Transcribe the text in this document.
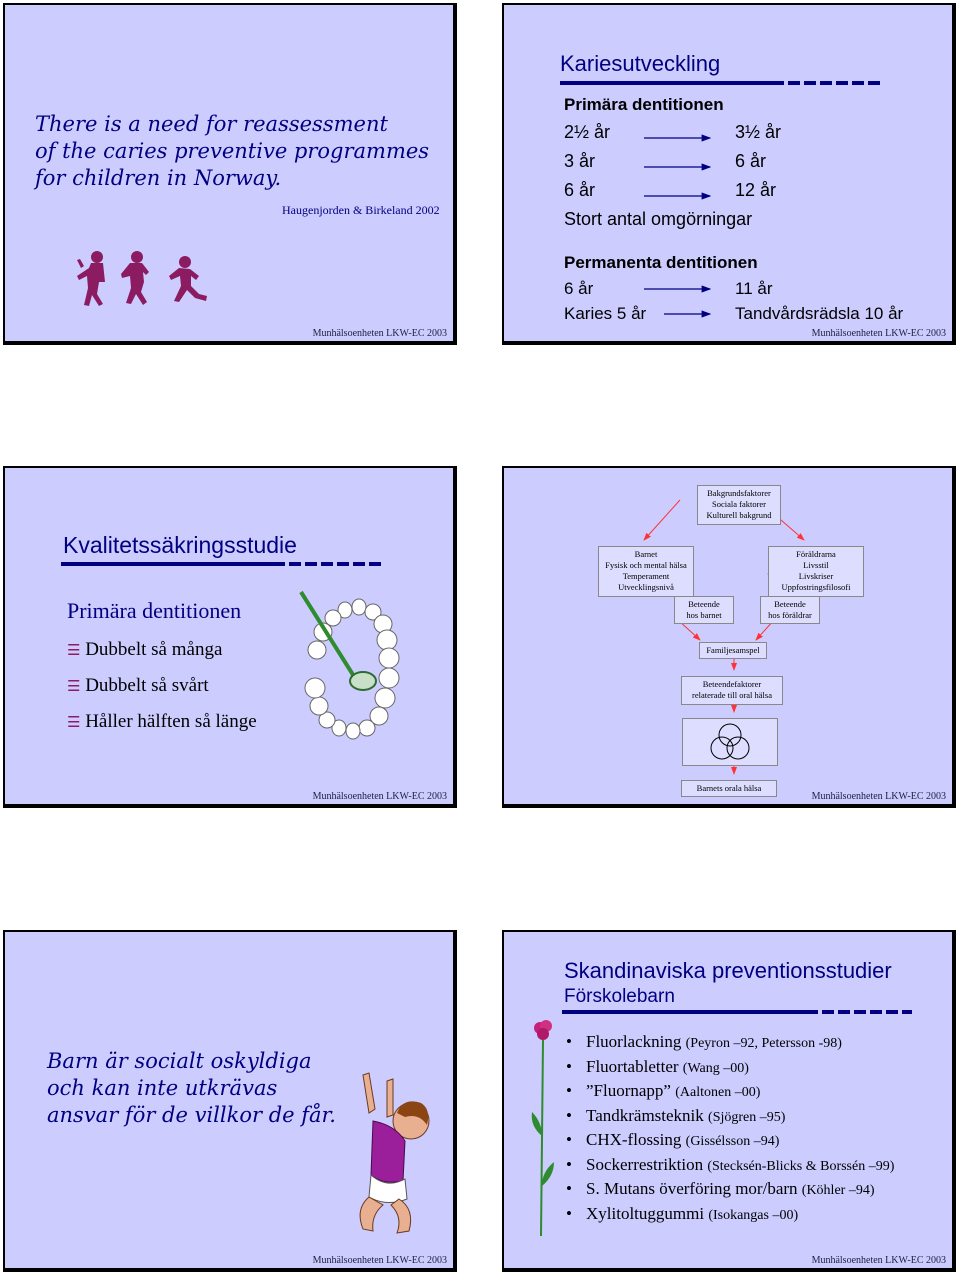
There is a need for reassessment
of the caries preventive programmes
for children in Norway.
Haugenjorden & Birkeland 2002
Munhälsoenheten LKW-EC 2003
Kariesutveckling
Primära dentitionen
2½ år	3½ år
3 år	6 år
6 år	12 år
Stort antal omgörningar
Permanenta dentitionen
6 år	11 år
Karies 5 år	Tandvårdsrädsla 10 år
Munhälsoenheten LKW-EC 2003
Kvalitetssäkringsstudie
Primära dentitionen
☰ Dubbelt så många
☰ Dubbelt så svårt
☰ Håller hälften så länge
Munhälsoenheten LKW-EC 2003
Bakgrundsfaktorer
Sociala faktorer
Kulturell bakgrund
Barnet
Fysisk och mental hälsa
Temperament
Utvecklingsnivå
Föräldrarna
Livsstil
Livskriser
Uppfostringsfilosofi
Beteende
hos barnet
Beteende
hos föräldrar
Familjesamspel
Beteendefaktorer
relaterade till oral hälsa
Barnets orala hälsa
Munhälsoenheten LKW-EC 2003
Barn är socialt oskyldiga
och kan inte utkrävas
ansvar för de villkor de får.
Munhälsoenheten LKW-EC 2003
Skandinaviska preventionsstudier
Förskolebarn
• Fluorlackning (Peyron –92, Petersson -98)
• Fluortabletter (Wang –00)
• ”Fluornapp” (Aaltonen –00)
• Tandkrämsteknik (Sjögren –95)
• CHX-flossing (Gissélsson –94)
• Sockerrestriktion (Stecksén-Blicks & Borssén –99)
• S. Mutans överföring mor/barn (Köhler –94)
• Xylitoltuggummi (Isokangas –00)
Munhälsoenheten LKW-EC 2003
